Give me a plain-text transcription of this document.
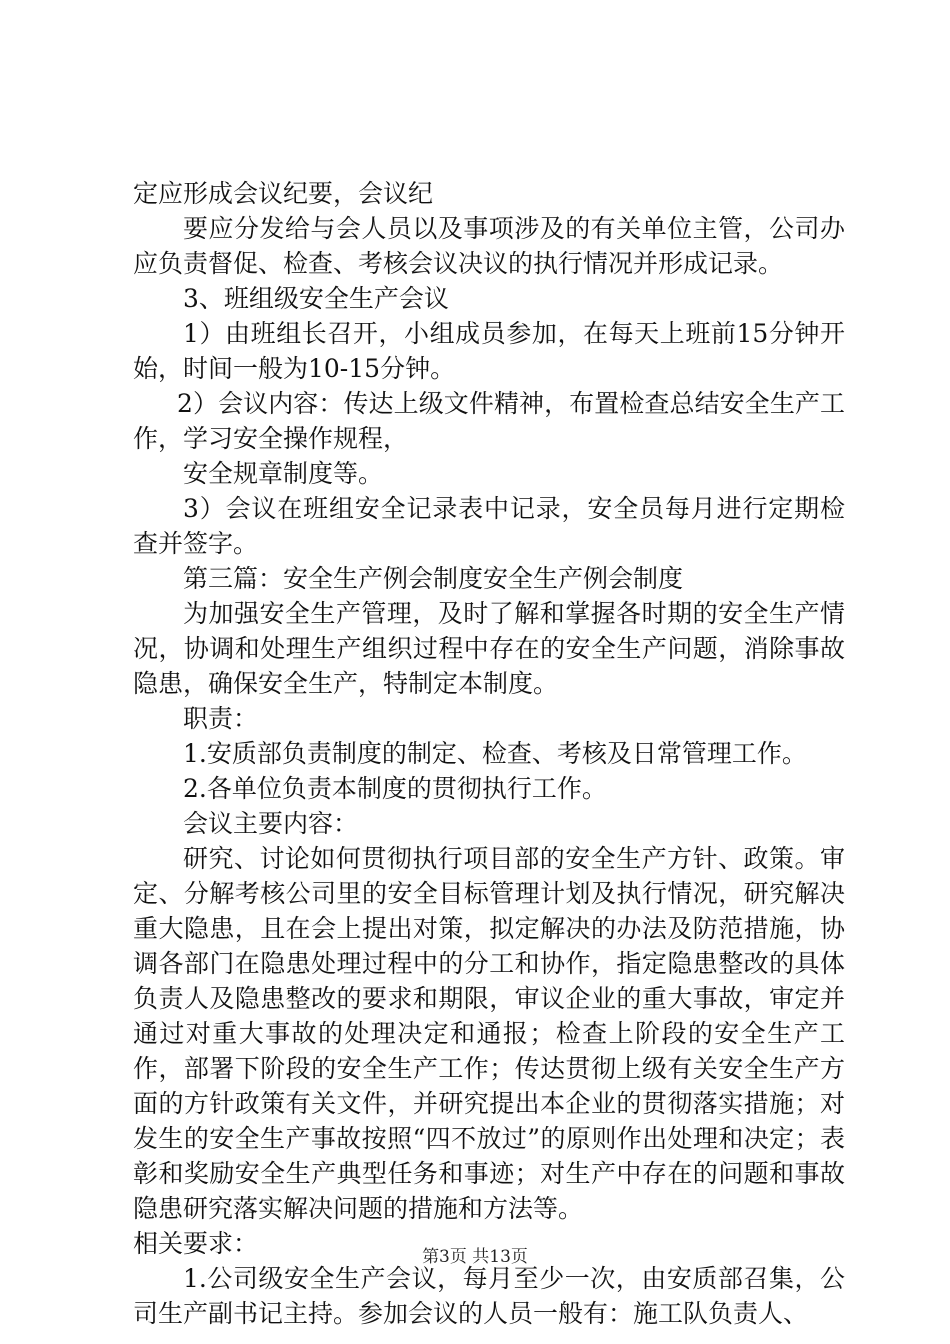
定应形成会议纪要，会议纪

要应分发给与会人员以及事项涉及的有关单位主管，公司办应负责督促、检查、考核会议决议的执行情况并形成记录。

3、班组级安全生产会议

1）由班组长召开，小组成员参加，在每天上班前15分钟开始，时间一般为10-15分钟。

2）会议内容：传达上级文件精神，布置检查总结安全生产工作，学习安全操作规程，

安全规章制度等。

3）会议在班组安全记录表中记录，安全员每月进行定期检查并签字。

第三篇：安全生产例会制度安全生产例会制度

为加强安全生产管理，及时了解和掌握各时期的安全生产情况，协调和处理生产组织过程中存在的安全生产问题，消除事故隐患，确保安全生产，特制定本制度。

职责：

1.安质部负责制度的制定、检查、考核及日常管理工作。

2.各单位负责本制度的贯彻执行工作。

会议主要内容：

研究、讨论如何贯彻执行项目部的安全生产方针、政策。审定、分解考核公司里的安全目标管理计划及执行情况，研究解决重大隐患，且在会上提出对策，拟定解决的办法及防范措施，协调各部门在隐患处理过程中的分工和协作，指定隐患整改的具体负责人及隐患整改的要求和期限，审议企业的重大事故，审定并通过对重大事故的处理决定和通报；检查上阶段的安全生产工作，部署下阶段的安全生产工作；传达贯彻上级有关安全生产方面的方针政策有关文件，并研究提出本企业的贯彻落实措施；对发生的安全生产事故按照“四不放过”的原则作出处理和决定；表彰和奖励安全生产典型任务和事迹；对生产中存在的问题和事故隐患研究落实解决问题的措施和方法等。

相关要求：

1.公司级安全生产会议，每月至少一次，由安质部召集，公司生产副书记主持。参加会议的人员一般有：施工队负责人、

第3页 共13页
